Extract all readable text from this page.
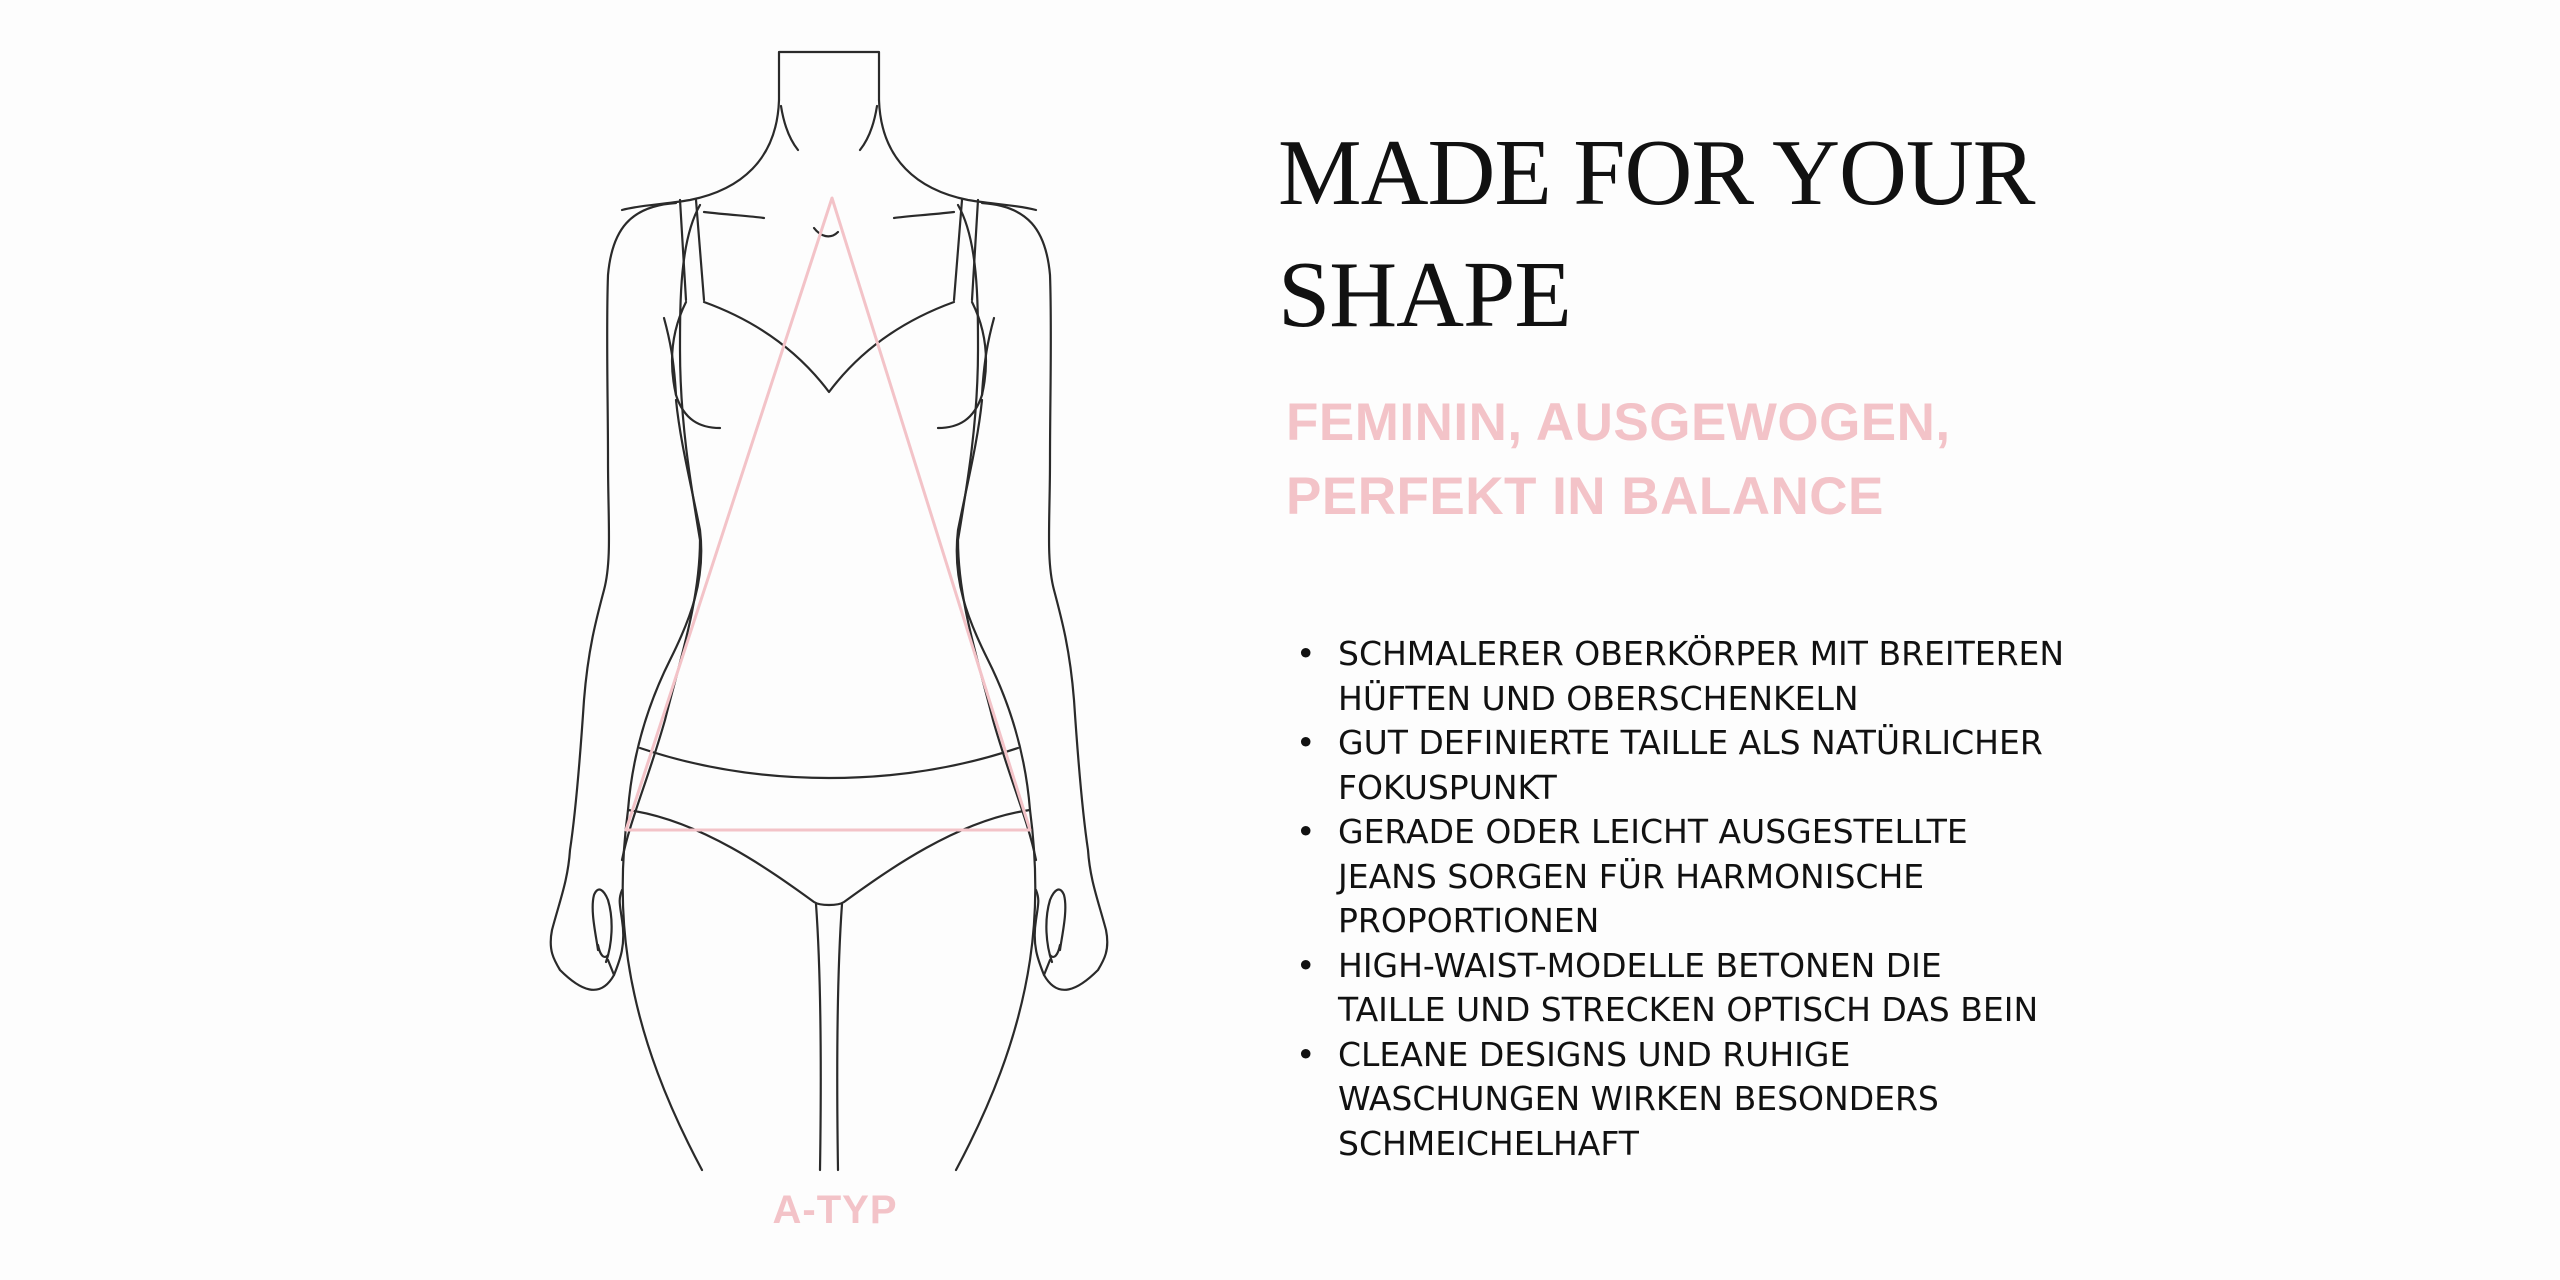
A-TYP
MADE FOR YOUR
SHAPE
FEMININ, AUSGEWOGEN,
PERFEKT IN BALANCE
• SCHMALERER OBERKÖRPER MIT BREITEREN
HÜFTEN UND OBERSCHENKELN
• GUT DEFINIERTE TAILLE ALS NATÜRLICHER
FOKUSPUNKT
• GERADE ODER LEICHT AUSGESTELLTE
JEANS SORGEN FÜR HARMONISCHE
PROPORTIONEN
• HIGH-WAIST-MODELLE BETONEN DIE
TAILLE UND STRECKEN OPTISCH DAS BEIN
• CLEANE DESIGNS UND RUHIGE
WASCHUNGEN WIRKEN BESONDERS
SCHMEICHELHAFT
